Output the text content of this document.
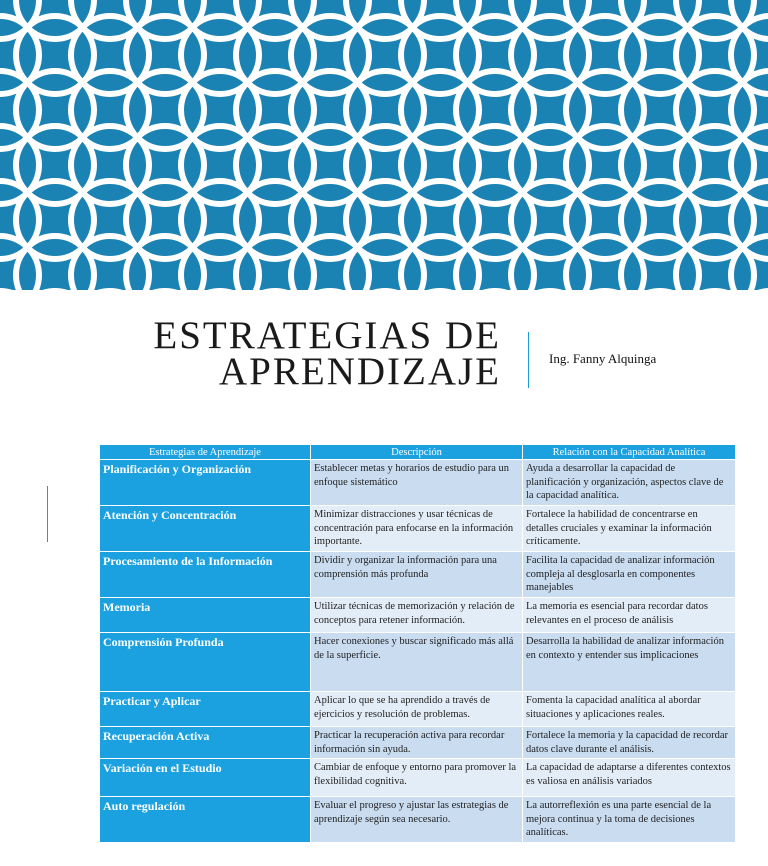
ESTRATEGIAS DE
APRENDIZAJE	Ing. Fanny Alquinga
Estrategias de Aprendizaje	Descripción	Relación con la Capacidad Analítica
Planificación y Organización	Establecer metas y horarios de estudio para un enfoque sistemático	Ayuda a desarrollar la capacidad de planificación y organización, aspectos clave de la capacidad analítica.
Atención y Concentración	Minimizar distracciones y usar técnicas de concentración para enfocarse en la información importante.	Fortalece la habilidad de concentrarse en detalles cruciales y examinar la información críticamente.
Procesamiento de la Información	Dividir y organizar la información para una comprensión más profunda	Facilita la capacidad de analizar información compleja al desglosarla en componentes manejables
Memoria	Utilizar técnicas de memorización y relación de conceptos para retener información.	La memoria es esencial para recordar datos relevantes en el proceso de análisis
Comprensión Profunda	Hacer conexiones y buscar significado más allá de la superficie.	Desarrolla la habilidad de analizar información en contexto y entender sus implicaciones
Practicar y Aplicar	Aplicar lo que se ha aprendido a través de ejercicios y resolución de problemas.	Fomenta la capacidad analítica al abordar situaciones y aplicaciones reales.
Recuperación Activa	Practicar la recuperación activa para recordar información sin ayuda.	Fortalece la memoria y la capacidad de recordar datos clave durante el análisis.
Variación en el Estudio	Cambiar de enfoque y entorno para promover la flexibilidad cognitiva.	La capacidad de adaptarse a diferentes contextos es valiosa en análisis variados
Auto regulación	Evaluar el progreso y ajustar las estrategias de aprendizaje según sea necesario.	La autorreflexión es una parte esencial de la mejora continua y la toma de decisiones analíticas.
